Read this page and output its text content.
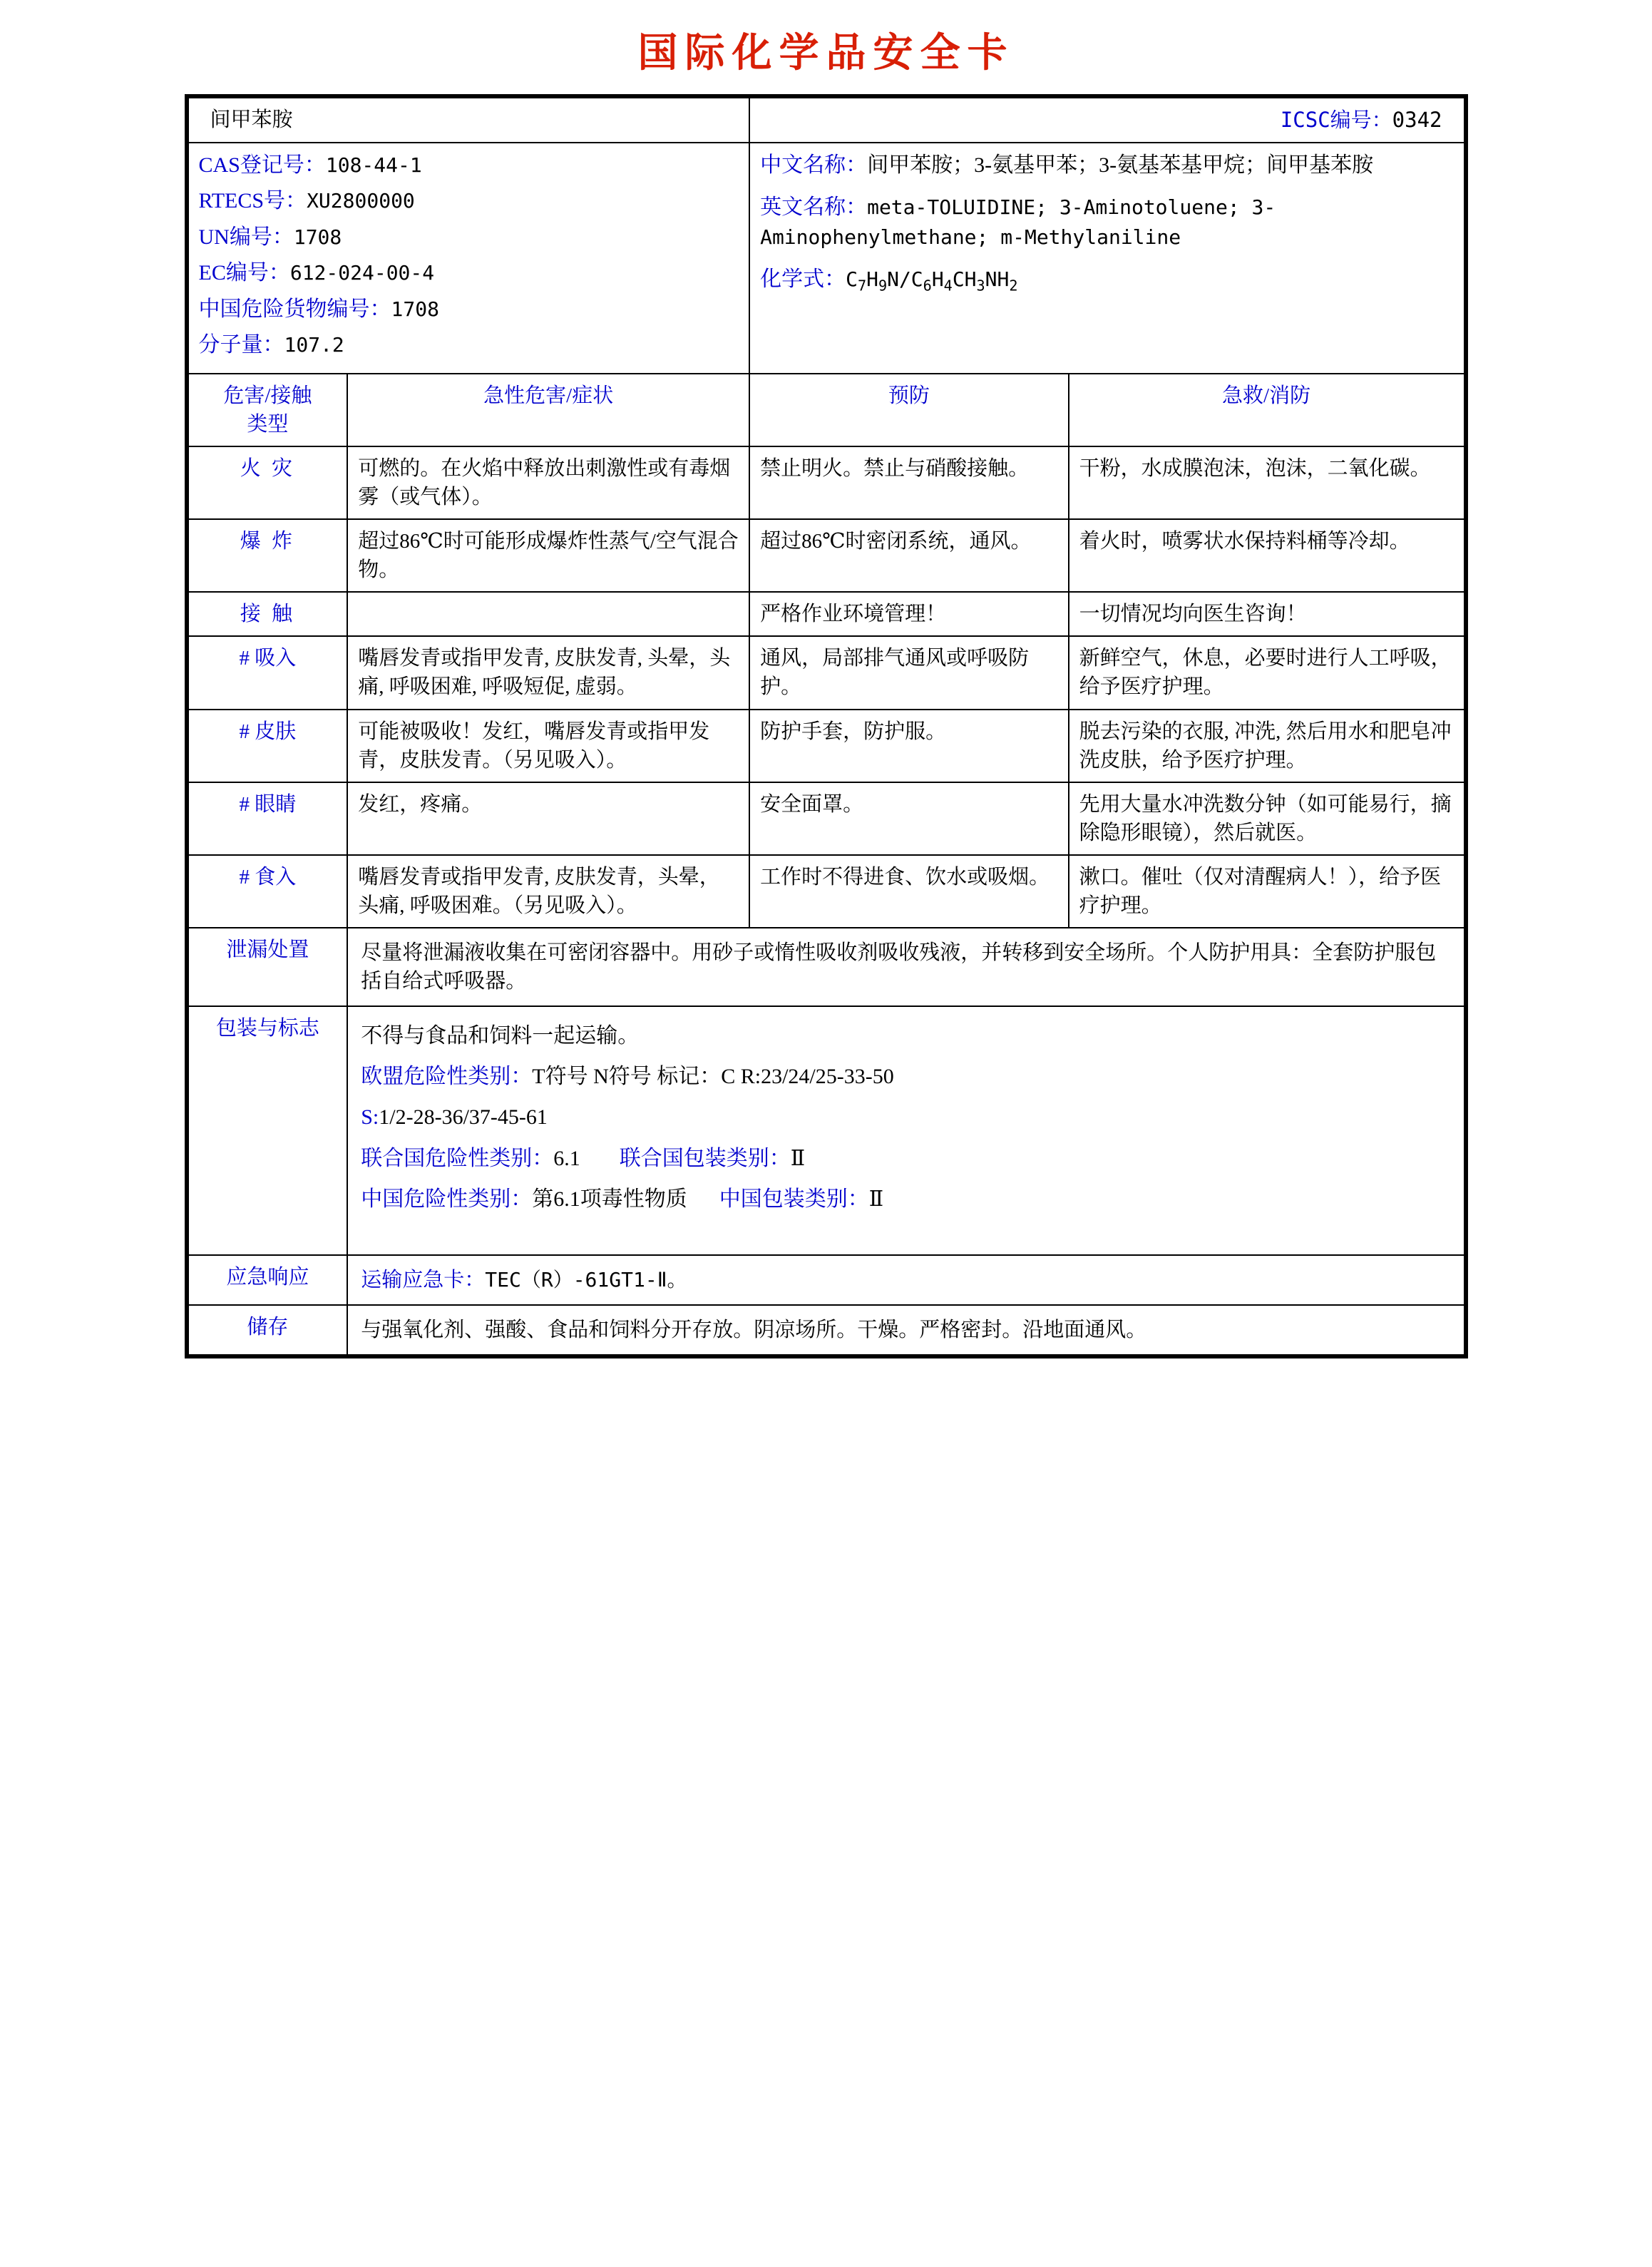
国际化学品安全卡
间甲苯胺		ICSC编号：0342	

CAS登记号：108-44-1
RTECS号：XU2800000
UN编号：1708
EC编号：612-024-00-4
中国危险货物编号：1708
分子量：107.2

中文名称：间甲苯胺；3-氨基甲苯；3-氨基苯基甲烷；间甲基苯胺
英文名称：meta-TOLUIDINE; 3-Aminotoluene; 3-Aminophenylmethane; m-Methylaniline
化学式：$C_7H_9N/C_6H_4CH_3NH_2$

危害/接触
类型	急性危害/症状	预防	急救/消防
火 灾	可燃的。在火焰中释放出刺激性或有毒烟雾（或气体）。	禁止明火。禁止与硝酸接触。	干粉，水成膜泡沫，泡沫，二氧化碳。
爆 炸	超过86℃时可能形成爆炸性蒸气/空气混合物。	超过86℃时密闭系统，通风。	着火时，喷雾状水保持料桶等冷却。
接 触		严格作业环境管理！	一切情况均向医生咨询！
# 吸入	嘴唇发青或指甲发青, 皮肤发青, 头晕，头痛, 呼吸困难, 呼吸短促, 虚弱。	通风，局部排气通风或呼吸防护。	新鲜空气，休息，必要时进行人工呼吸，给予医疗护理。
# 皮肤	可能被吸收！发红，嘴唇发青或指甲发青，皮肤发青。（另见吸入）。	防护手套，防护服。	脱去污染的衣服, 冲洗, 然后用水和肥皂冲洗皮肤，给予医疗护理。
# 眼睛	发红，疼痛。	安全面罩。	先用大量水冲洗数分钟（如可能易行，摘除隐形眼镜），然后就医。
# 食入	嘴唇发青或指甲发青, 皮肤发青，头晕，头痛, 呼吸困难。（另见吸入）。	工作时不得进食、饮水或吸烟。	漱口。催吐（仅对清醒病人！），给予医疗护理。
泄漏处置	尽量将泄漏液收集在可密闭容器中。用砂子或惰性吸收剂吸收残液，并转移到安全场所。个人防护用具：全套防护服包括自给式呼吸器。		
包装与标志	不得与食品和饲料一起运输。

欧盟危险性类别：T符号 N符号 标记：C R:23/24/25-33-50

S:1/2-28-36/37-45-61

联合国危险性类别：6.1 联合国包装类别：Ⅱ

中国危险性类别：第6.1项毒性物质 中国包装类别：Ⅱ		

应急响应	运输应急卡：TEC（R）-61GT1-Ⅱ。		
储存	与强氧化剂、强酸、食品和饲料分开存放。阴凉场所。干燥。严格密封。沿地面通风。		
